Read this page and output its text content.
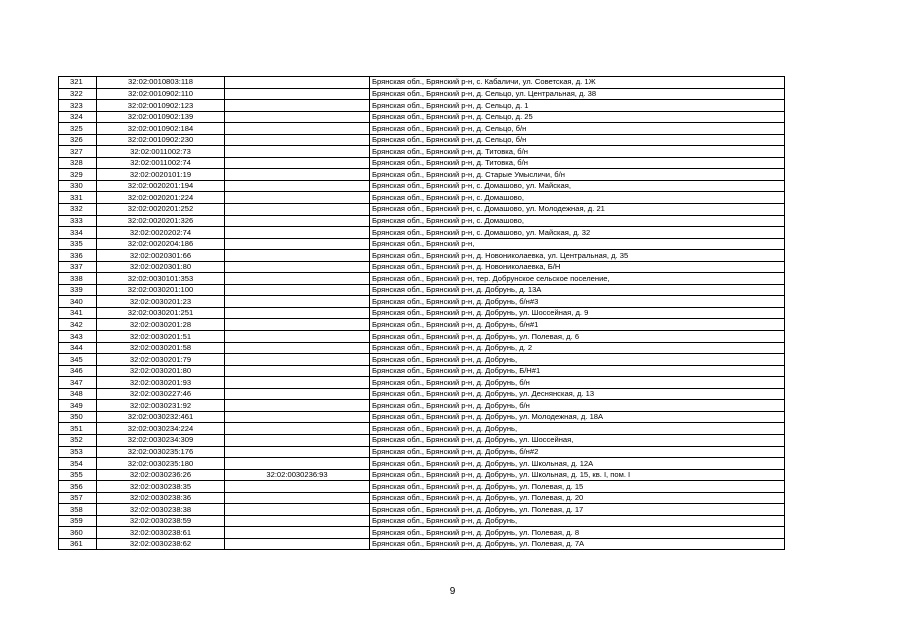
321	32:02:0010803:118		Брянская обл., Брянский р-н, с. Кабаличи, ул. Советская, д. 1Ж
322	32:02:0010902:110		Брянская обл., Брянский р-н, д. Сельцо, ул. Центральная, д. 38
323	32:02:0010902:123		Брянская обл., Брянский р-н, д. Сельцо, д. 1
324	32:02:0010902:139		Брянская обл., Брянский р-н, д. Сельцо, д. 25
325	32:02:0010902:184		Брянская обл., Брянский р-н, д. Сельцо, б/н
326	32:02:0010902:230		Брянская обл., Брянский р-н, д. Сельцо, б/н
327	32:02:0011002:73		Брянская обл., Брянский р-н, д. Титовка, б/н
328	32:02:0011002:74		Брянская обл., Брянский р-н, д. Титовка, б/н
329	32:02:0020101:19		Брянская обл., Брянский р-н, д. Старые Умысличи, б/н
330	32:02:0020201:194		Брянская обл., Брянский р-н, с. Домашово, ул. Майская,
331	32:02:0020201:224		Брянская обл., Брянский р-н, с. Домашово,
332	32:02:0020201:252		Брянская обл., Брянский р-н, с. Домашово, ул. Молодежная, д. 21
333	32:02:0020201:326		Брянская обл., Брянский р-н, с. Домашово,
334	32:02:0020202:74		Брянская обл., Брянский р-н, с. Домашово, ул. Майская, д. 32
335	32:02:0020204:186		Брянская обл., Брянский р-н,
336	32:02:0020301:66		Брянская обл., Брянский р-н, д. Новониколаевка, ул. Центральная, д. 35
337	32:02:0020301:80		Брянская обл., Брянский р-н, д. Новониколаевка, Б/Н
338	32:02:0030101:353		Брянская обл., Брянский р-н, тер. Добрунское сельское поселение,
339	32:02:0030201:100		Брянская обл., Брянский р-н, д. Добрунь, д. 13А
340	32:02:0030201:23		Брянская обл., Брянский р-н, д. Добрунь, б/н#3
341	32:02:0030201:251		Брянская обл., Брянский р-н, д. Добрунь, ул. Шоссейная, д. 9
342	32:02:0030201:28		Брянская обл., Брянский р-н, д. Добрунь, б/н#1
343	32:02:0030201:51		Брянская обл., Брянский р-н, д. Добрунь, ул. Полевая, д. 6
344	32:02:0030201:58		Брянская обл., Брянский р-н, д. Добрунь, д. 2
345	32:02:0030201:79		Брянская обл., Брянский р-н, д. Добрунь,
346	32:02:0030201:80		Брянская обл., Брянский р-н, д. Добрунь, Б/Н#1
347	32:02:0030201:93		Брянская обл., Брянский р-н, д. Добрунь, б/н
348	32:02:0030227:46		Брянская обл., Брянский р-н, д. Добрунь, ул. Деснянская, д. 13
349	32:02:0030231:92		Брянская обл., Брянский р-н, д. Добрунь, б/н
350	32:02:0030232:461		Брянская обл., Брянский р-н, д. Добрунь, ул. Молодежная, д. 18А
351	32:02:0030234:224		Брянская обл., Брянский р-н, д. Добрунь,
352	32:02:0030234:309		Брянская обл., Брянский р-н, д. Добрунь, ул. Шоссейная,
353	32:02:0030235:176		Брянская обл., Брянский р-н, д. Добрунь, б/н#2
354	32:02:0030235:180		Брянская обл., Брянский р-н, д. Добрунь, ул. Школьная, д. 12А
355	32:02:0030236:26	32:02:0030236:93	Брянская обл., Брянский р-н, д. Добрунь, ул. Школьная, д. 15, кв. I, пом. I
356	32:02:0030238:35		Брянская обл., Брянский р-н, д. Добрунь, ул. Полевая, д. 15
357	32:02:0030238:36		Брянская обл., Брянский р-н, д. Добрунь, ул. Полевая, д. 20
358	32:02:0030238:38		Брянская обл., Брянский р-н, д. Добрунь, ул. Полевая, д. 17
359	32:02:0030238:59		Брянская обл., Брянский р-н, д. Добрунь,
360	32:02:0030238:61		Брянская обл., Брянский р-н, д. Добрунь, ул. Полевая, д. 8
361	32:02:0030238:62		Брянская обл., Брянский р-н, д. Добрунь, ул. Полевая, д. 7А
9
